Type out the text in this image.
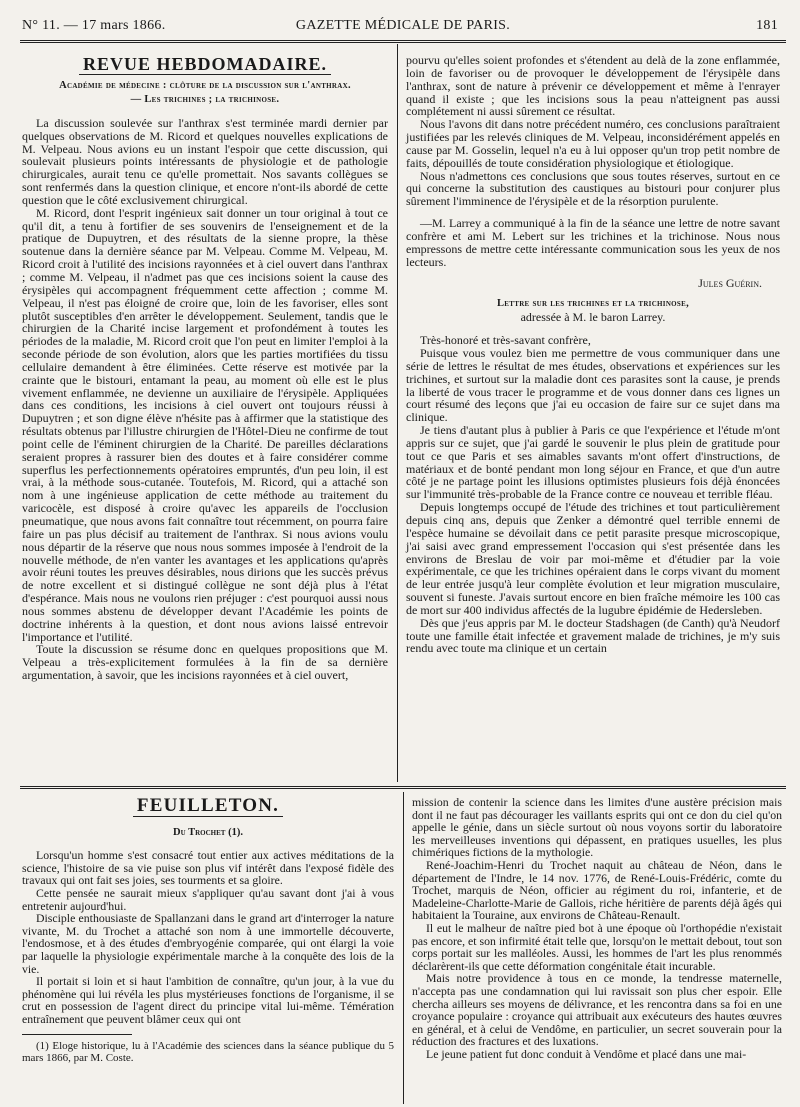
N° 11. — 17 mars 1866.	GAZETTE MÉDICALE DE PARIS.	181
REVUE HEBDOMADAIRE.
Académie de médecine : clôture de la discussion sur l'anthrax.
— Les trichines ; la trichinose.

La discussion soulevée sur l'anthrax s'est terminée mardi dernier par quelques observations de M. Ricord et quelques nouvelles explications de M. Velpeau. Nous avions eu un instant l'espoir que cette discussion, qui soulevait plusieurs points intéressants de physiologie et de pathologie chirurgicales, aurait tenu ce qu'elle promettait. Nos savants collègues se sont renfermés dans la question clinique, et encore n'ont-ils abordé de cette question que le côté exclusivement chirurgical.

M. Ricord, dont l'esprit ingénieux sait donner un tour original à tout ce qu'il dit, a tenu à fortifier de ses souvenirs de l'enseignement et de la pratique de Dupuytren, et des résultats de la sienne propre, la thèse soutenue dans la dernière séance par M. Velpeau. Comme M. Velpeau, M. Ricord croit à l'utilité des incisions rayonnées et à ciel ouvert dans l'anthrax ; comme M. Velpeau, il n'admet pas que ces incisions soient la cause des érysipèles qui accompagnent fréquemment cette affection ; comme M. Velpeau, il n'est pas éloigné de croire que, loin de les favoriser, elles sont plutôt susceptibles d'en arrêter le développement. Seulement, tandis que le chirurgien de la Charité incise largement et profondément à toutes les périodes de la maladie, M. Ricord croit que l'on peut en limiter l'emploi à la seconde période de son évolution, alors que les parties mortifiées du tissu cellulaire demandent à être éliminées. Cette réserve est motivée par la crainte que le bistouri, entamant la peau, au moment où elle est le plus vivement enflammée, ne devienne un auxiliaire de l'érysipèle. Appliquées dans ces conditions, les incisions à ciel ouvert ont toujours réussi à Dupuytren ; et son digne élève n'hésite pas à affirmer que la statistique des résultats obtenus par l'illustre chirurgien de l'Hôtel-Dieu ne confirme de tout point celle de l'éminent chirurgien de la Charité. De pareilles déclarations seraient propres à rassurer bien des doutes et à faire considérer comme superflus les perfectionnements opératoires empruntés, d'un peu loin, il est vrai, à la méthode sous-cutanée. Toutefois, M. Ricord, qui a attaché son nom à une ingénieuse application de cette méthode au traitement du varicocèle, est disposé à croire qu'avec les appareils de l'occlusion pneumatique, que nous avons fait connaître tout récemment, on pourra faire faire un pas plus décisif au traitement de l'anthrax. Si nous avions voulu nous départir de la réserve que nous nous sommes imposée à l'endroit de la nouvelle méthode, de n'en vanter les avantages et les applications qu'après avoir réuni toutes les preuves désirables, nous dirions que les succès prévus de notre excellent et si distingué collègue ne sont déjà plus à l'état d'espérance. Mais nous ne voulons rien préjuger : c'est pourquoi aussi nous nous sommes abstenu de développer devant l'Académie les points de doctrine inhérents à la question, et dont nous avions laissé entrevoir l'importance et l'utilité.

Toute la discussion se résume donc en quelques propositions que M. Velpeau a très-explicitement formulées à la fin de sa dernière argumentation, à savoir, que les incisions rayonnées et à ciel ouvert,

pourvu qu'elles soient profondes et s'étendent au delà de la zone enflammée, loin de favoriser ou de provoquer le développement de l'érysipèle dans l'anthrax, sont de nature à prévenir ce développement et même à l'enrayer quand il existe ; que les incisions sous la peau n'atteignent pas aussi complétement ni aussi sûrement ce résultat.

Nous l'avons dit dans notre précédent numéro, ces conclusions paraîtraient justifiées par les relevés cliniques de M. Velpeau, inconsidérément appelés en cause par M. Gosselin, lequel n'a eu à lui opposer qu'un trop petit nombre de faits, dépouillés de toute considération physiologique et étiologique.

Nous n'admettons ces conclusions que sous toutes réserves, surtout en ce qui concerne la substitution des caustiques au bistouri pour conjurer plus sûrement l'imminence de l'érysipèle et de la résorption purulente.

—M. Larrey a communiqué à la fin de la séance une lettre de notre savant confrère et ami M. Lebert sur les trichines et la trichinose. Nous nous empressons de mettre cette intéressante communication sous les yeux de nos lecteurs.

Jules Guérin.
Lettre sur les trichines et la trichinose,
adressée à M. le baron Larrey.

Très-honoré et très-savant confrère,

Puisque vous voulez bien me permettre de vous communiquer dans une série de lettres le résultat de mes études, observations et expériences sur les trichines, et surtout sur la maladie dont ces parasites sont la cause, je prends la liberté de vous tracer le programme et de vous donner dans ces lignes un court résumé des leçons que j'ai eu occasion de faire sur ce sujet dans ma clinique.

Je tiens d'autant plus à publier à Paris ce que l'expérience et l'étude m'ont appris sur ce sujet, que j'ai gardé le souvenir le plus plein de gratitude pour tout ce que Paris et ses aimables savants m'ont offert d'instructions, de matériaux et de bonté pendant mon long séjour en France, et que d'un autre côté je ne partage point les illusions optimistes plusieurs fois déjà énoncées sur l'immunité très-probable de la France contre ce nouveau et terrible fléau.

Depuis longtemps occupé de l'étude des trichines et tout particulièrement depuis cinq ans, depuis que Zenker a démontré quel terrible ennemi de l'espèce humaine se dévoilait dans ce petit parasite presque microscopique, j'ai saisi avec grand empressement l'occasion qui s'est présentée dans les environs de Breslau de voir par moi-même et d'étudier par la voie expérimentale, ce que les trichines opéraient dans le corps vivant du moment de leur entrée jusqu'à leur complète évolution et leur migration musculaire, souvent si funeste. J'avais surtout encore en bien fraîche mémoire les 100 cas de mort sur 400 individus affectés de la lugubre épidémie de Hedersleben.

Dès que j'eus appris par M. le docteur Stadshagen (de Canth) qu'à Neudorf toute une famille était infectée et gravement malade de trichines, je m'y suis rendu avec toute ma clinique et un certain

FEUILLETON.
Du Trochet (1).

Lorsqu'un homme s'est consacré tout entier aux actives méditations de la science, l'histoire de sa vie puise son plus vif intérêt dans l'exposé fidèle des travaux qui ont fait ses joies, ses tourments et sa gloire.

Cette pensée ne saurait mieux s'appliquer qu'au savant dont j'ai à vous entretenir aujourd'hui.

Disciple enthousiaste de Spallanzani dans le grand art d'interroger la nature vivante, M. du Trochet a attaché son nom à une immortelle découverte, l'endosmose, et à des études d'embryogénie comparée, qui ont élargi la voie par laquelle la physiologie expérimentale marche à la conquête des lois de la vie.

Il portait si loin et si haut l'ambition de connaître, qu'un jour, à la vue du phénomène qui lui révéla les plus mystérieuses fonctions de l'organisme, il se crut en possession de l'agent direct du principe vital lui-même. Témération entraînement que peuvent blâmer ceux qui ont

(1) Eloge historique, lu à l'Académie des sciences dans la séance publique du 5 mars 1866, par M. Coste.

mission de contenir la science dans les limites d'une austère précision mais dont il ne faut pas décourager les vaillants esprits qui ont ce don du ciel qu'on appelle le génie, dans un siècle surtout où nous voyons sortir du laboratoire les merveilleuses inventions qui dépassent, en pratiques usuelles, les plus chimériques fictions de la mythologie.

René-Joachim-Henri du Trochet naquit au château de Néon, dans le département de l'Indre, le 14 nov. 1776, de René-Louis-Frédéric, comte du Trochet, marquis de Néon, officier au régiment du roi, infanterie, et de Madeleine-Charlotte-Marie de Gallois, riche héritière de parents déjà âgés qui habitaient la Touraine, aux environs de Château-Renault.

Il eut le malheur de naître pied bot à une époque où l'orthopédie n'existait pas encore, et son infirmité était telle que, lorsqu'on le mettait debout, tout son corps portait sur les malléoles. Aussi, les hommes de l'art les plus renommés déclarèrent-ils que cette déformation congénitale était incurable.

Mais notre providence à tous en ce monde, la tendresse maternelle, n'accepta pas une condamnation qui lui ravissait son plus cher espoir. Elle chercha ailleurs ses moyens de délivrance, et les rencontra dans sa foi en une croyance populaire : croyance qui attribuait aux exécuteurs des hautes œuvres en général, et à celui de Vendôme, en particulier, un secret souverain pour la réduction des fractures et des luxations.

Le jeune patient fut donc conduit à Vendôme et placé dans une mai-
